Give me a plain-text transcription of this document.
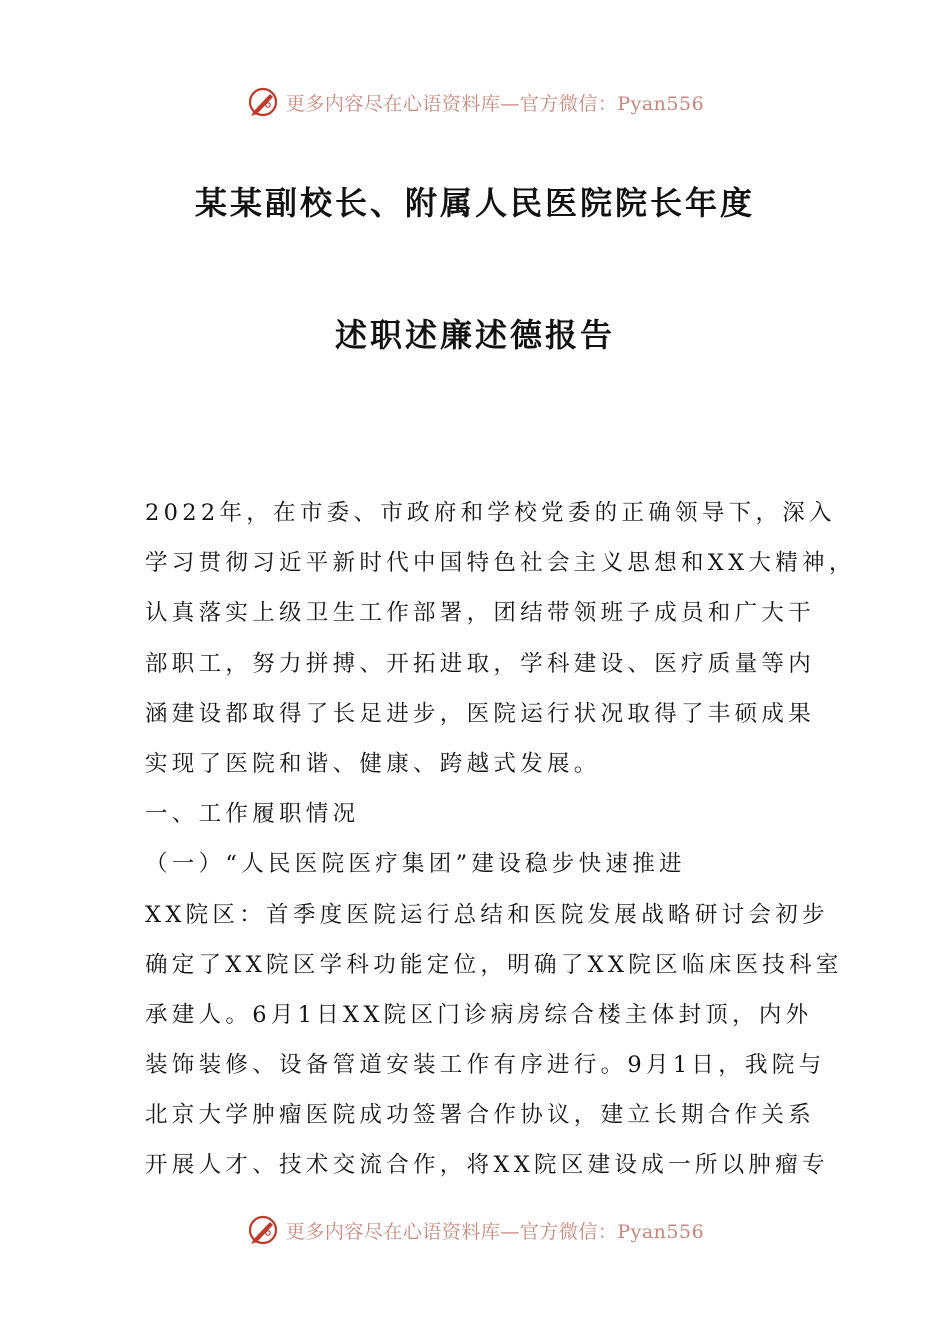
更多内容尽在心语资料库—官方微信：Pyan556
某某副校长、附属人民医院院长年度
述职述廉述德报告
2022年，在市委、市政府和学校党委的正确领导下，深入
学习贯彻习近平新时代中国特色社会主义思想和XX大精神，
认真落实上级卫生工作部署，团结带领班子成员和广大干
部职工，努力拼搏、开拓进取，学科建设、医疗质量等内
涵建设都取得了长足进步，医院运行状况取得了丰硕成果
实现了医院和谐、健康、跨越式发展。
一、工作履职情况
（一）“人民医院医疗集团”建设稳步快速推进
XX院区：首季度医院运行总结和医院发展战略研讨会初步
确定了XX院区学科功能定位，明确了XX院区临床医技科室
承建人。6月1日XX院区门诊病房综合楼主体封顶，内外
装饰装修、设备管道安装工作有序进行。9月1日，我院与
北京大学肿瘤医院成功签署合作协议，建立长期合作关系
开展人才、技术交流合作，将XX院区建设成一所以肿瘤专
更多内容尽在心语资料库—官方微信：Pyan556
